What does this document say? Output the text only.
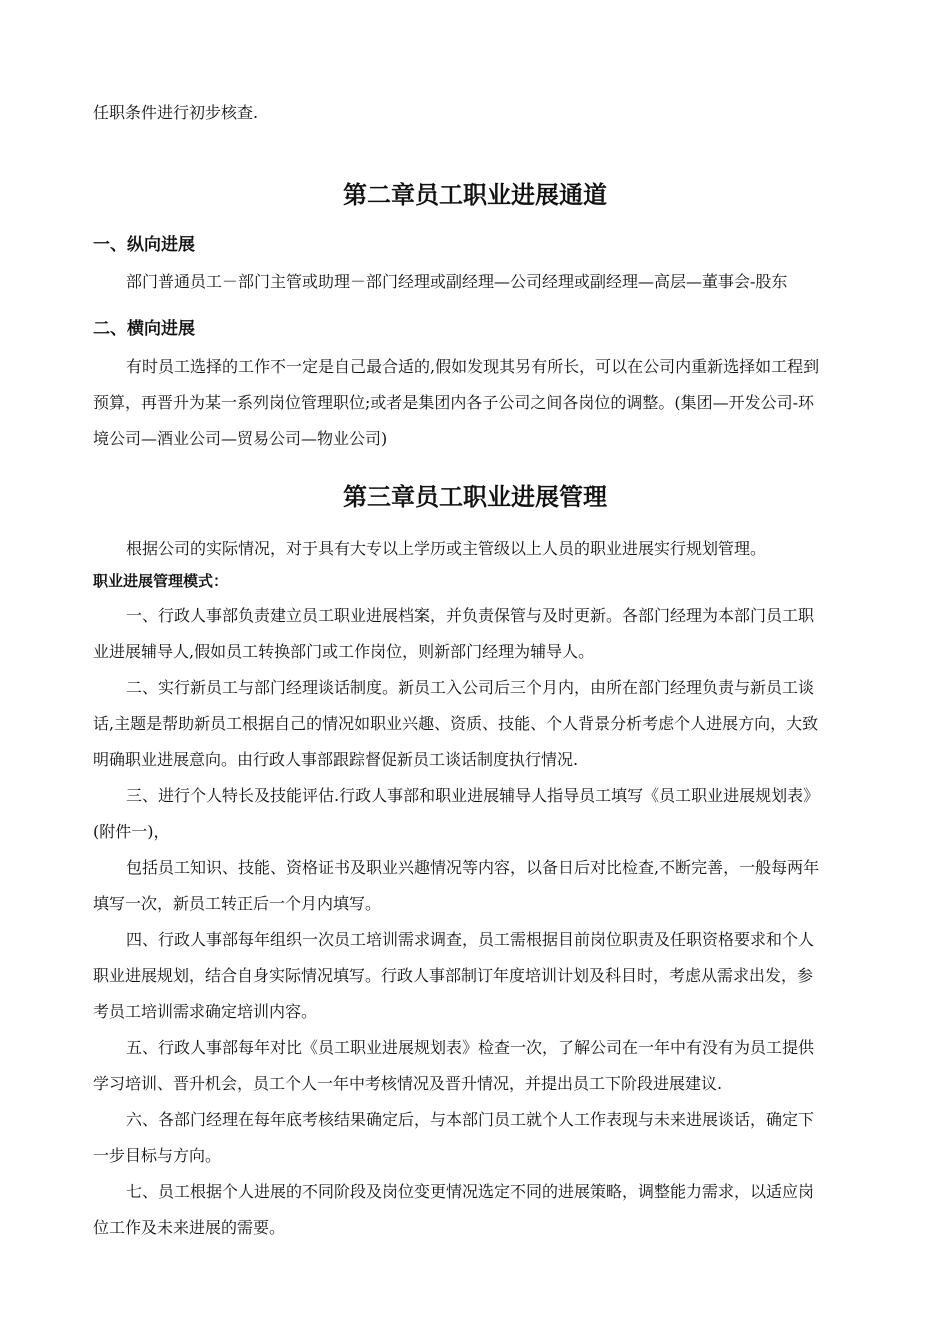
任职条件进行初步核查.
第二章员工职业进展通道
一、纵向进展
部门普通员工－部门主管或助理－部门经理或副经理—公司经理或副经理—高层—董事会-股东
二、横向进展
有时员工选择的工作不一定是自己最合适的,假如发现其另有所长，可以在公司内重新选择如工程到
预算，再晋升为某一系列岗位管理职位;或者是集团内各子公司之间各岗位的调整。(集团—开发公司-环
境公司—酒业公司—贸易公司—物业公司)
第三章员工职业进展管理
根据公司的实际情况，对于具有大专以上学历或主管级以上人员的职业进展实行规划管理。
职业进展管理模式：
一、行政人事部负责建立员工职业进展档案，并负责保管与及时更新。各部门经理为本部门员工职
业进展辅导人,假如员工转换部门或工作岗位，则新部门经理为辅导人。
二、实行新员工与部门经理谈话制度。新员工入公司后三个月内，由所在部门经理负责与新员工谈
话,主题是帮助新员工根据自己的情况如职业兴趣、资质、技能、个人背景分析考虑个人进展方向，大致
明确职业进展意向。由行政人事部跟踪督促新员工谈话制度执行情况.
三、进行个人特长及技能评估.行政人事部和职业进展辅导人指导员工填写《员工职业进展规划表》
(附件一)，
包括员工知识、技能、资格证书及职业兴趣情况等内容，以备日后对比检查,不断完善，一般每两年
填写一次，新员工转正后一个月内填写。
四、行政人事部每年组织一次员工培训需求调查，员工需根据目前岗位职责及任职资格要求和个人
职业进展规划，结合自身实际情况填写。行政人事部制订年度培训计划及科目时，考虑从需求出发，参
考员工培训需求确定培训内容。
五、行政人事部每年对比《员工职业进展规划表》检查一次，了解公司在一年中有没有为员工提供
学习培训、晋升机会，员工个人一年中考核情况及晋升情况，并提出员工下阶段进展建议.
六、各部门经理在每年底考核结果确定后，与本部门员工就个人工作表现与未来进展谈话，确定下
一步目标与方向。
七、员工根据个人进展的不同阶段及岗位变更情况选定不同的进展策略，调整能力需求，以适应岗
位工作及未来进展的需要。
